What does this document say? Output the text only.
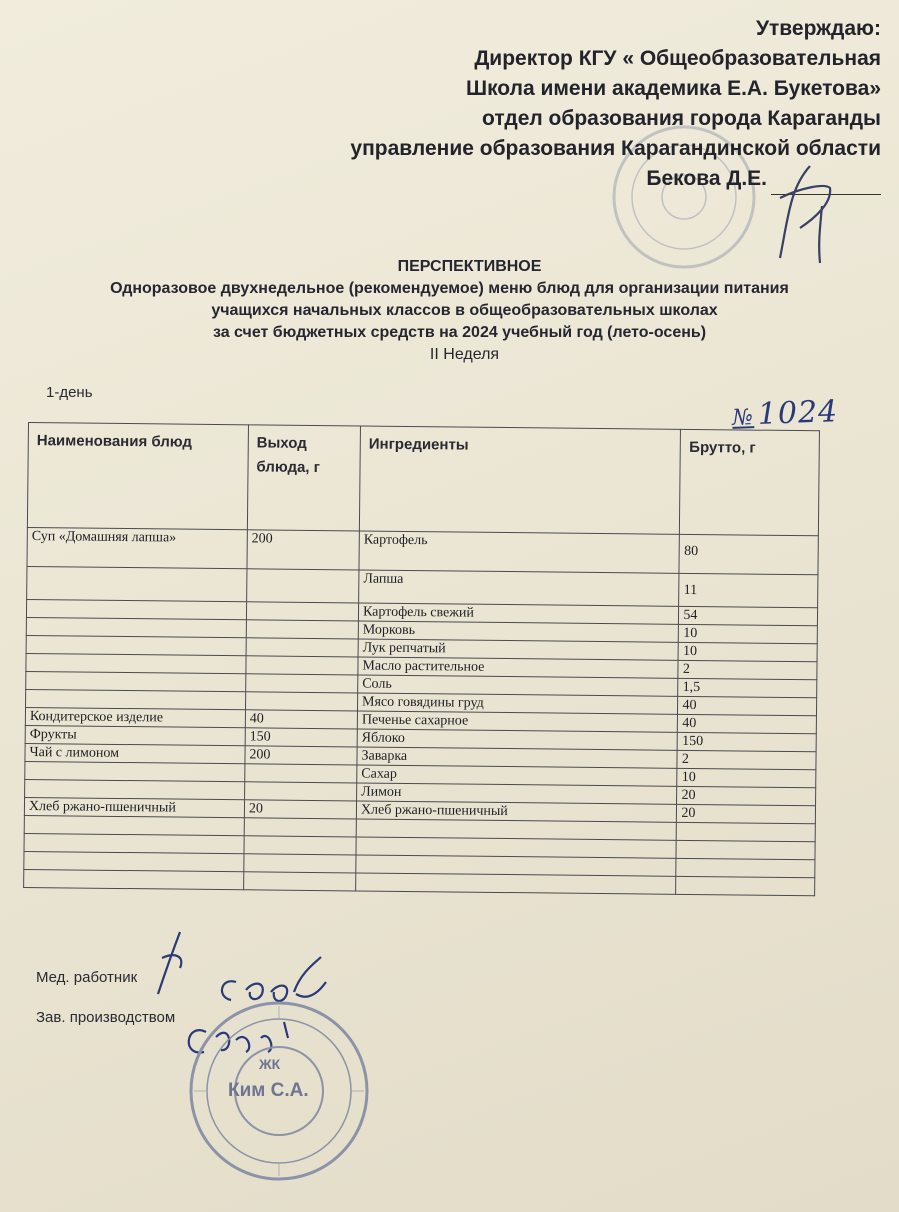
Утверждаю:
Директор КГУ « Общеобразовательная
Школа имени академика Е.А. Букетова»
отдел образования города Караганды
управление образования Карагандинской области
Бекова Д.Е.
ПЕРСПЕКТИВНОЕ
Одноразовое двухнедельное (рекомендуемое) меню блюд для организации питания
учащихся начальных классов в общеобразовательных школах
за счет бюджетных средств на 2024 учебный год (лето-осень)
II Неделя
1-день
№1024
Наименования блюд	Выход блюда, г	Ингредиенты	Брутто, г
Суп «Домашняя лапша»	200	Картофель	80
		Лапша	11
		Картофель свежий	54
		Морковь	10
		Лук репчатый	10
		Масло растительное	2
		Соль	1,5
		Мясо говядины груд	40
Кондитерское изделие	40	Печенье сахарное	40
Фрукты	150	Яблоко	150
Чай с лимоном	200	Заварка	2
		Сахар	10
		Лимон	20
Хлеб ржано-пшеничный	20	Хлеб ржано-пшеничный	20

Мед. работник
Зав. производством
ЖК
Ким С.А.
